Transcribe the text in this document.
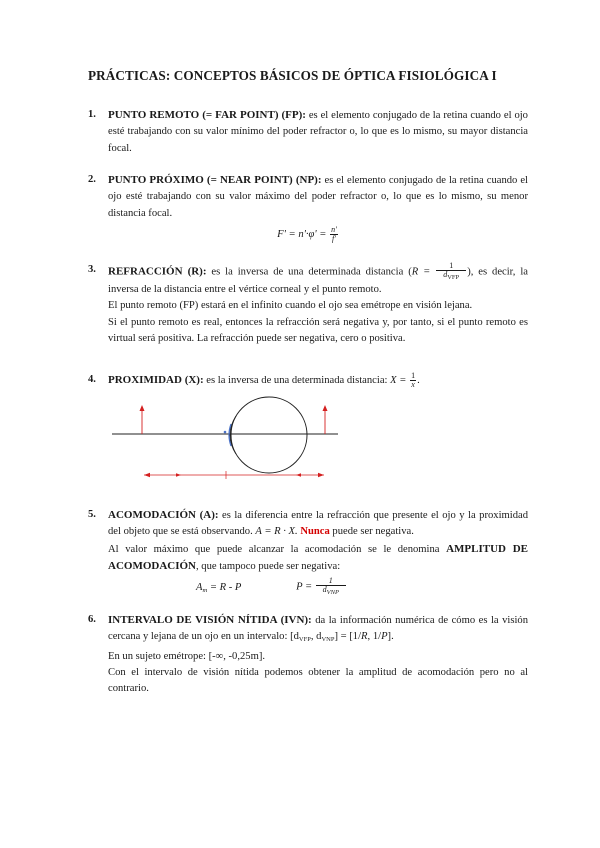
PRÁCTICAS: CONCEPTOS BÁSICOS DE ÓPTICA FISIOLÓGICA I
1. PUNTO REMOTO (= FAR POINT) (FP): es el elemento conjugado de la retina cuando el ojo esté trabajando con su valor mínimo del poder refractor o, lo que es lo mismo, su mayor distancia focal.
2. PUNTO PRÓXIMO (= NEAR POINT) (NP): es el elemento conjugado de la retina cuando el ojo esté trabajando con su valor máximo del poder refractor o, lo que es lo mismo, su menor distancia focal.
$F' = n'\cdot\varphi' = \frac{n'}{f'}$
3. REFRACCIÓN (R): es la inversa de una determinada distancia ($R = \frac{1}{d_{VFP}}$ ), es decir, la inversa de la distancia entre el vértice corneal y el punto remoto.
El punto remoto (FP) estará en el infinito cuando el ojo sea emétrope en visión lejana.
Si el punto remoto es real, entonces la refracción será negativa y, por tanto, si el punto remoto es virtual será positiva. La refracción puede ser negativa, cero o positiva.
4. PROXIMIDAD (X): es la inversa de una determinada distancia: $X = \frac{1}{x}$ .
5. ACOMODACIÓN (A): es la diferencia entre la refracción que presente el ojo y la proximidad del objeto que se está observando. A = R · X. Nunca puede ser negativa.
Al valor máximo que puede alcanzar la acomodación se le denomina AMPLITUD DE ACOMODACIÓN, que tampoco puede ser negativa:
$A_m = R - P$	$P = \frac{1}{d_{VNP}}$
6. INTERVALO DE VISIÓN NÍTIDA (IVN): da la información numérica de cómo es la visión cercana y lejana de un ojo en un intervalo: [$d_{VFP}$, $d_{VNP}] = [1/R$, 1/P].
En un sujeto emétrope: [-∞, -0,25m].
Con el intervalo de visión nítida podemos obtener la amplitud de acomodación pero no al contrario.
